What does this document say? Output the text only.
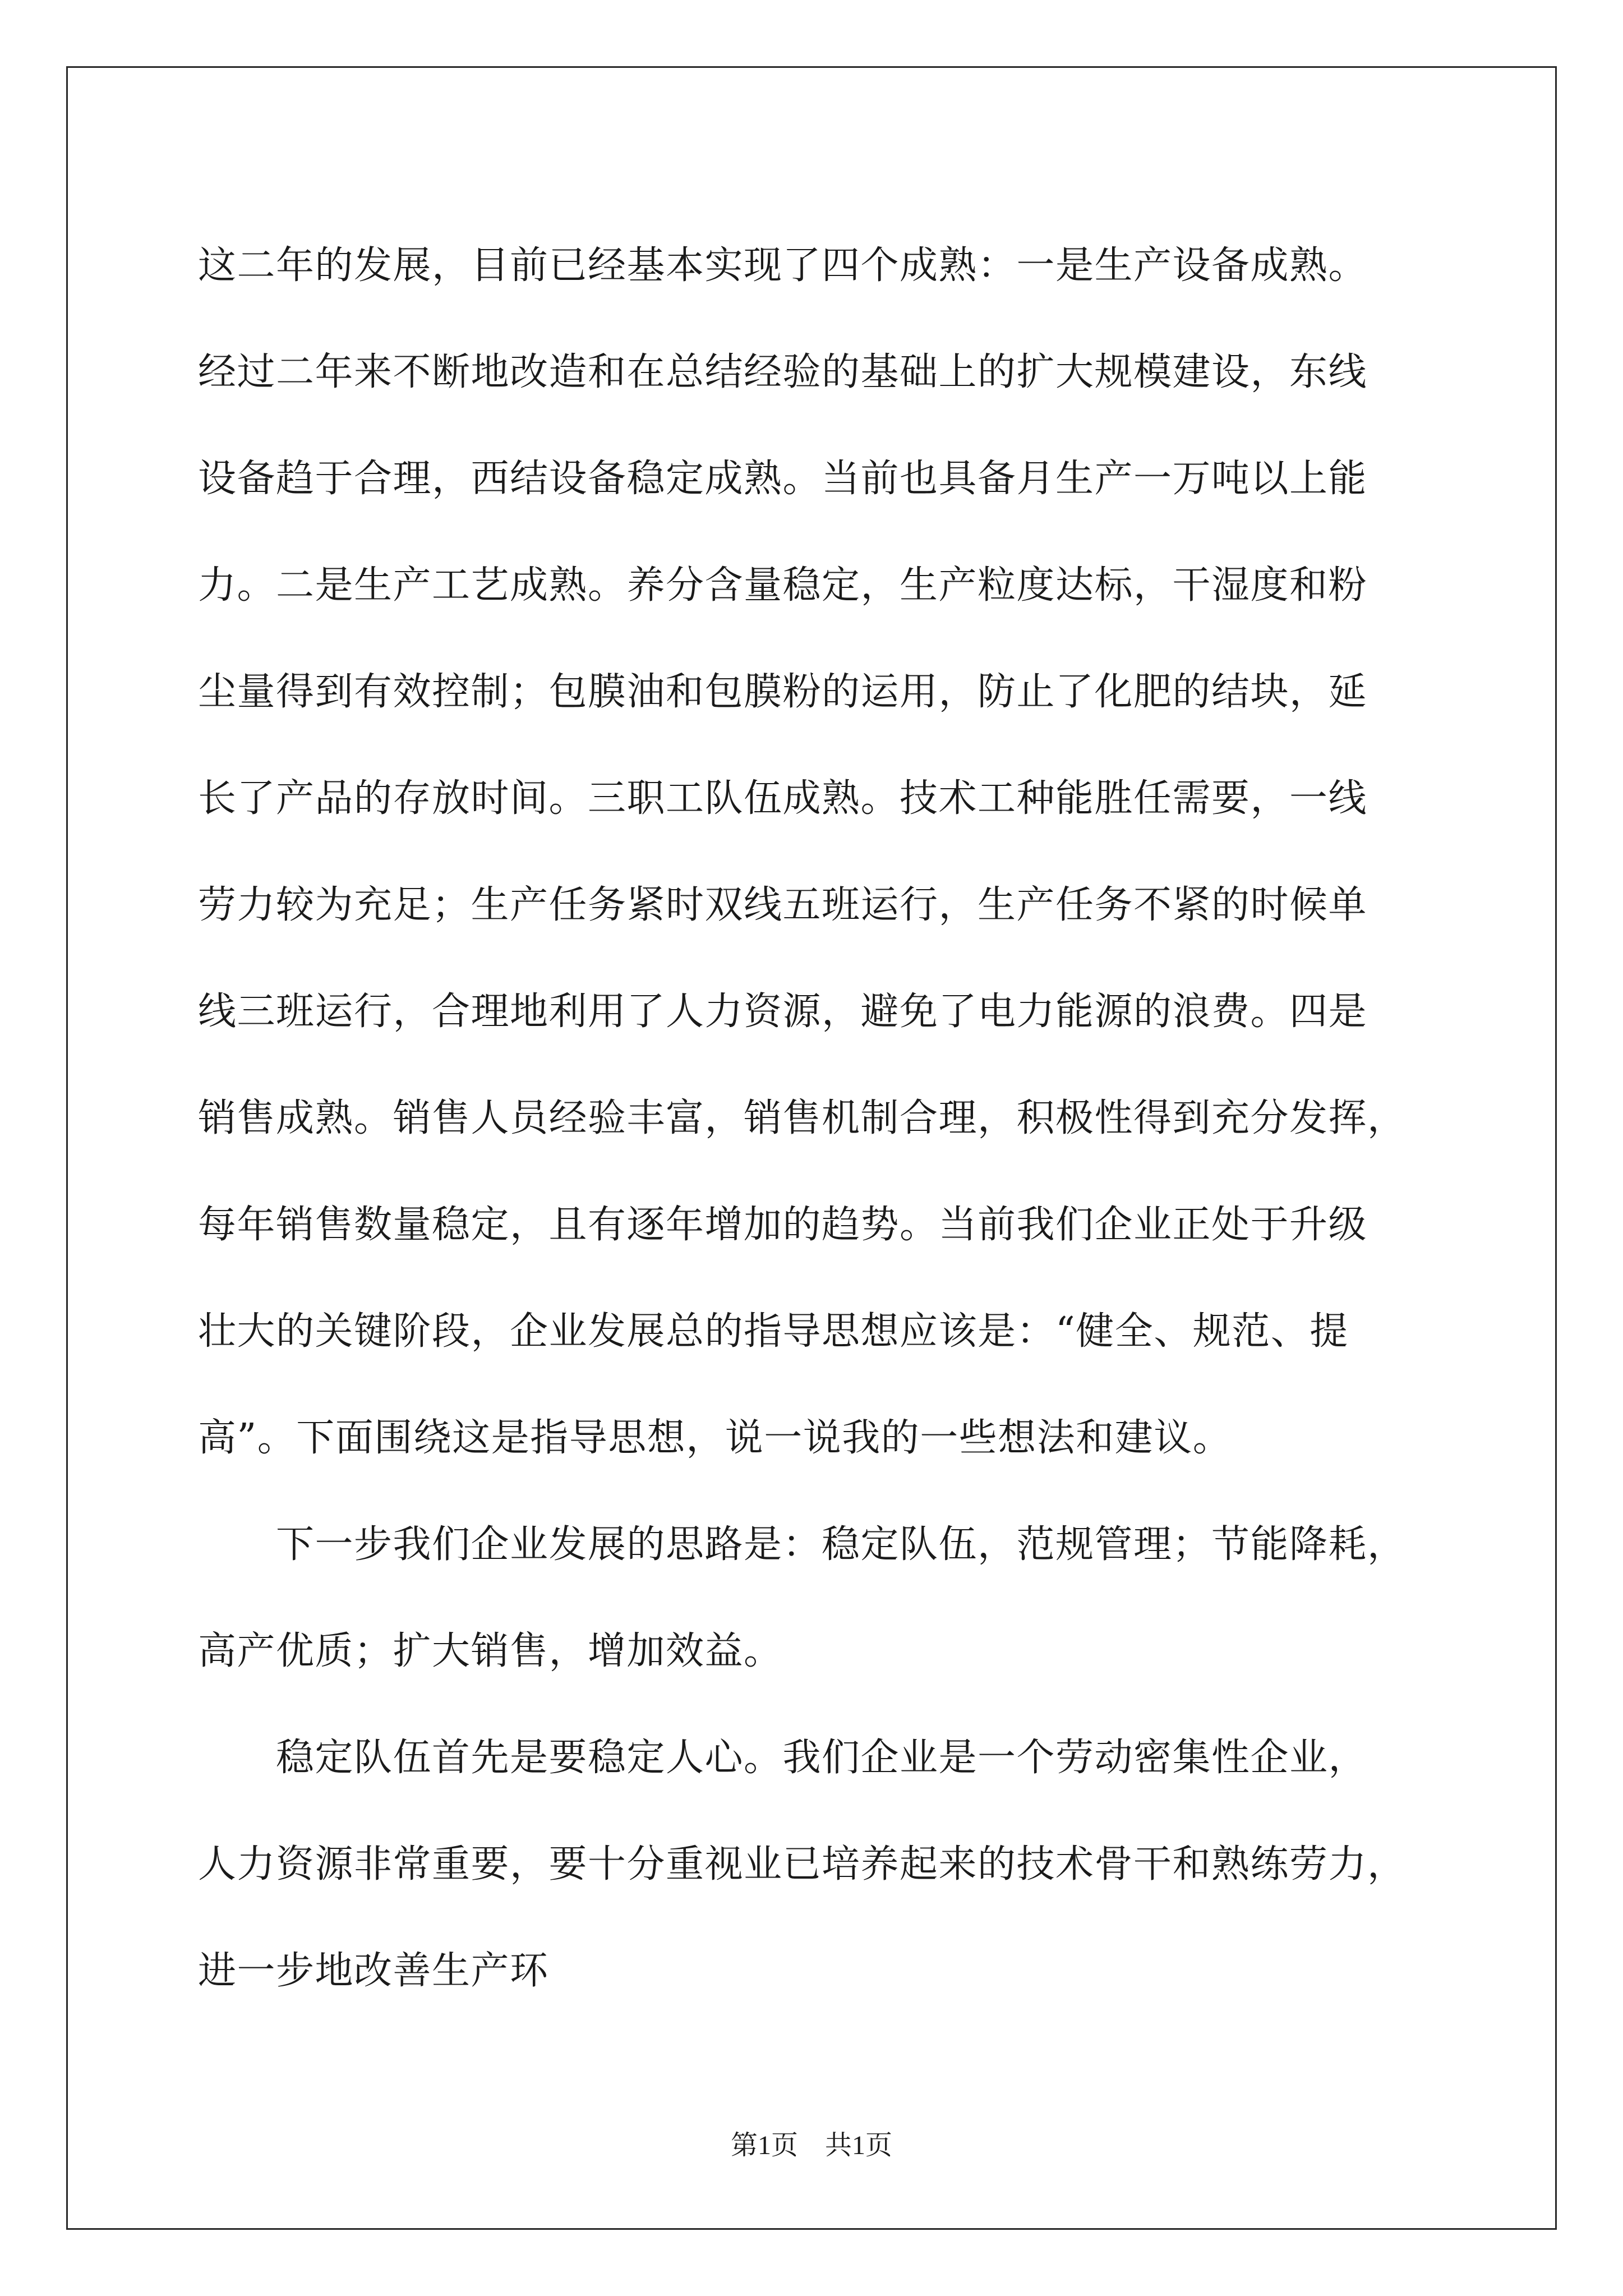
这二年的发展，目前已经基本实现了四个成熟：一是生产设备成熟。
经过二年来不断地改造和在总结经验的基础上的扩大规模建设，东线
设备趋于合理，西结设备稳定成熟。当前也具备月生产一万吨以上能
力。二是生产工艺成熟。养分含量稳定，生产粒度达标，干湿度和粉
尘量得到有效控制；包膜油和包膜粉的运用，防止了化肥的结块，延
长了产品的存放时间。三职工队伍成熟。技术工种能胜任需要，一线
劳力较为充足；生产任务紧时双线五班运行，生产任务不紧的时候单
线三班运行，合理地利用了人力资源，避免了电力能源的浪费。四是
销售成熟。销售人员经验丰富，销售机制合理，积极性得到充分发挥，
每年销售数量稳定，且有逐年增加的趋势。当前我们企业正处于升级
壮大的关键阶段，企业发展总的指导思想应该是：“健全、规范、提
高”。下面围绕这是指导思想，说一说我的一些想法和建议。
　　下一步我们企业发展的思路是：稳定队伍，范规管理；节能降耗，
高产优质；扩大销售，增加效益。
　　稳定队伍首先是要稳定人心。我们企业是一个劳动密集性企业，
人力资源非常重要，要十分重视业已培养起来的技术骨干和熟练劳力，
进一步地改善生产环
第1页　共1页
